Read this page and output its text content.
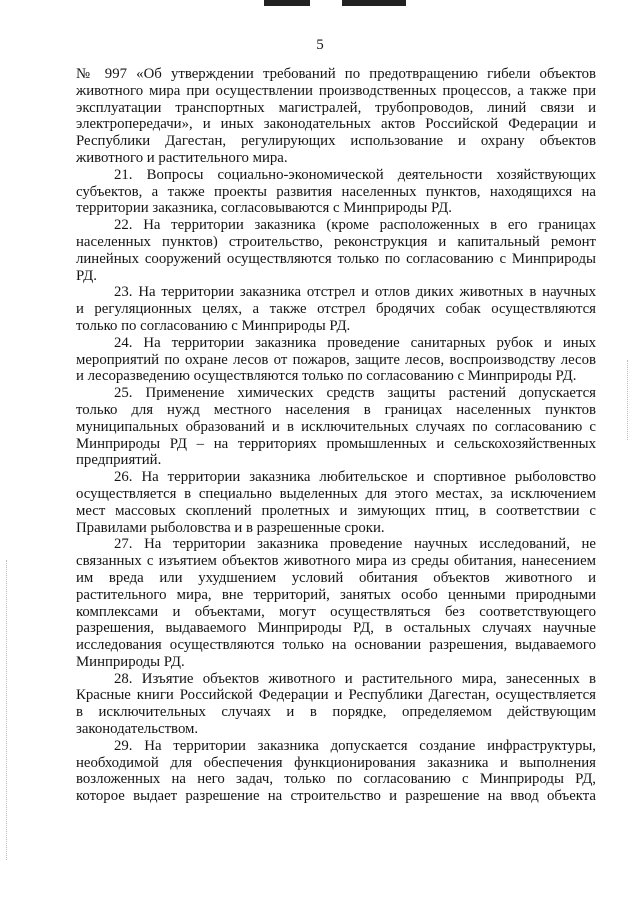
5

№ 997 «Об утверждении требований по предотвращению гибели объектов

животного мира при осуществлении производственных процессов, а также при

эксплуатации транспортных магистралей, трубопроводов, линий связи и

электропередачи», и иных законодательных актов Российской Федерации и

Республики Дагестан, регулирующих использование и охрану объектов

животного и растительного мира.

21. Вопросы социально-экономической деятельности хозяйствующих

субъектов, а также проекты развития населенных пунктов, находящихся на

территории заказника, согласовываются с Минприроды РД.

22. На территории заказника (кроме расположенных в его границах

населенных пунктов) строительство, реконструкция и капитальный ремонт

линейных сооружений осуществляются только по согласованию с Минприроды

РД.

23. На территории заказника отстрел и отлов диких животных в научных

и регуляционных целях, а также отстрел бродячих собак осуществляются

только по согласованию с Минприроды РД.

24. На территории заказника проведение санитарных рубок и иных

мероприятий по охране лесов от пожаров, защите лесов, воспроизводству лесов

и лесоразведению осуществляются только по согласованию с Минприроды РД.

25. Применение химических средств защиты растений допускается

только для нужд местного населения в границах населенных пунктов

муниципальных образований и в исключительных случаях по согласованию с

Минприроды РД – на территориях промышленных и сельскохозяйственных

предприятий.

26. На территории заказника любительское и спортивное рыболовство

осуществляется в специально выделенных для этого местах, за исключением

мест массовых скоплений пролетных и зимующих птиц, в соответствии с

Правилами рыболовства и в разрешенные сроки.

27. На территории заказника проведение научных исследований, не

связанных с изъятием объектов животного мира из среды обитания, нанесением

им вреда или ухудшением условий обитания объектов животного и

растительного мира, вне территорий, занятых особо ценными природными

комплексами и объектами, могут осуществляться без соответствующего

разрешения, выдаваемого Минприроды РД, в остальных случаях научные

исследования осуществляются только на основании разрешения, выдаваемого

Минприроды РД.

28. Изъятие объектов животного и растительного мира, занесенных в

Красные книги Российской Федерации и Республики Дагестан, осуществляется

в исключительных случаях и в порядке, определяемом действующим

законодательством.

29. На территории заказника допускается создание инфраструктуры,

необходимой для обеспечения функционирования заказника и выполнения

возложенных на него задач, только по согласованию с Минприроды РД,

которое выдает разрешение на строительство и разрешение на ввод объекта
